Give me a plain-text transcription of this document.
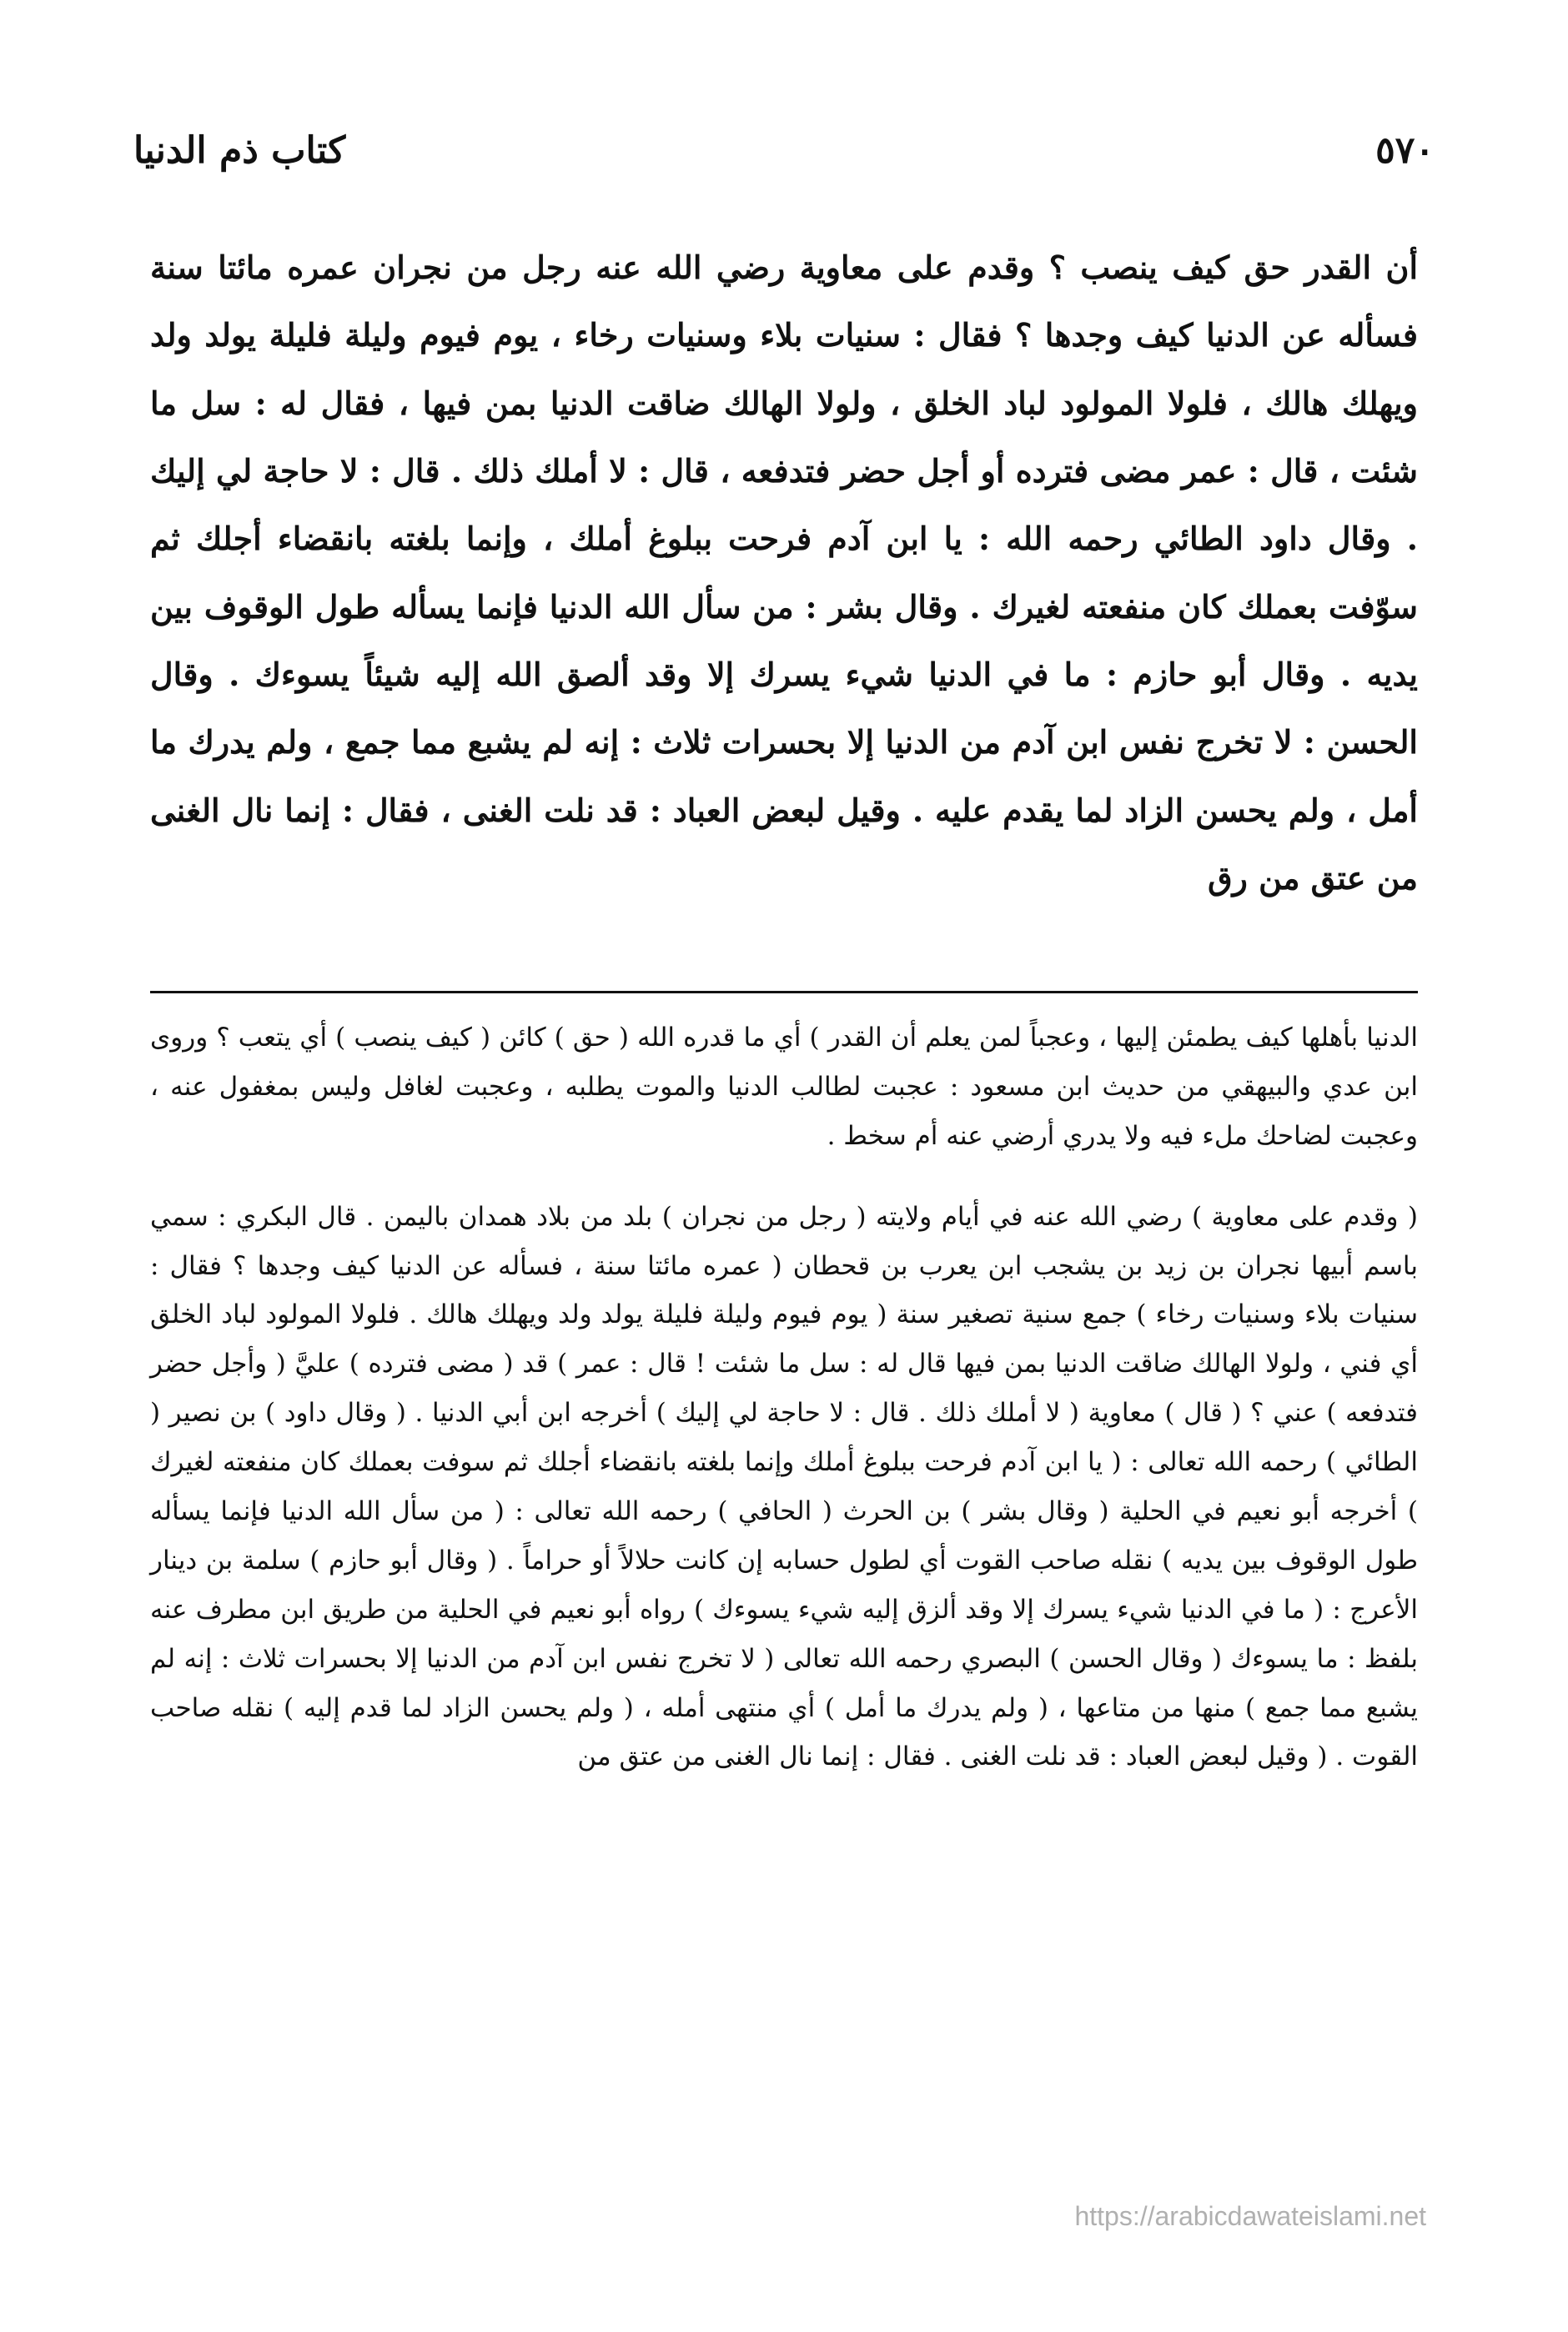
٥٧٠
كتاب ذم الدنيا

أن القدر حق كيف ينصب ؟ وقدم على معاوية رضي الله عنه رجل من نجران عمره مائتا سنة فسأله عن الدنيا كيف وجدها ؟ فقال : سنيات بلاء وسنيات رخاء ، يوم فيوم وليلة فليلة يولد ولد ويهلك هالك ، فلولا المولود لباد الخلق ، ولولا الهالك ضاقت الدنيا بمن فيها ، فقال له : سل ما شئت ، قال : عمر مضى فترده أو أجل حضر فتدفعه ، قال : لا أملك ذلك . قال : لا حاجة لي إليك . وقال داود الطائي رحمه الله : يا ابن آدم فرحت ببلوغ أملك ، وإنما بلغته بانقضاء أجلك ثم سوّفت بعملك كان منفعته لغيرك . وقال بشر : من سأل الله الدنيا فإنما يسأله طول الوقوف بين يديه . وقال أبو حازم : ما في الدنيا شيء يسرك إلا وقد ألصق الله إليه شيئاً يسوءك . وقال الحسن : لا تخرج نفس ابن آدم من الدنيا إلا بحسرات ثلاث : إنه لم يشبع مما جمع ، ولم يدرك ما أمل ، ولم يحسن الزاد لما يقدم عليه . وقيل لبعض العباد : قد نلت الغنى ، فقال : إنما نال الغنى من عتق من رق

الدنيا بأهلها كيف يطمئن إليها ، وعجباً لمن يعلم أن القدر ) أي ما قدره الله ( حق ) كائن ( كيف ينصب ) أي يتعب ؟ وروى ابن عدي والبيهقي من حديث ابن مسعود : عجبت لطالب الدنيا والموت يطلبه ، وعجبت لغافل وليس بمغفول عنه ، وعجبت لضاحك ملء فيه ولا يدري أرضي عنه أم سخط .

( وقدم على معاوية ) رضي الله عنه في أيام ولايته ( رجل من نجران ) بلد من بلاد همدان باليمن . قال البكري : سمي باسم أبيها نجران بن زيد بن يشجب ابن يعرب بن قحطان ( عمره مائتا سنة ، فسأله عن الدنيا كيف وجدها ؟ فقال : سنيات بلاء وسنيات رخاء ) جمع سنية تصغير سنة ( يوم فيوم وليلة فليلة يولد ولد ويهلك هالك . فلولا المولود لباد الخلق أي فني ، ولولا الهالك ضاقت الدنيا بمن فيها قال له : سل ما شئت ! قال : عمر ) قد ( مضى فترده ) عليَّ ( وأجل حضر فتدفعه ) عني ؟ ( قال ) معاوية ( لا أملك ذلك . قال : لا حاجة لي إليك ) أخرجه ابن أبي الدنيا . ( وقال داود ) بن نصير ( الطائي ) رحمه الله تعالى : ( يا ابن آدم فرحت ببلوغ أملك وإنما بلغته بانقضاء أجلك ثم سوفت بعملك كان منفعته لغيرك ) أخرجه أبو نعيم في الحلية ( وقال بشر ) بن الحرث ( الحافي ) رحمه الله تعالى : ( من سأل الله الدنيا فإنما يسأله طول الوقوف بين يديه ) نقله صاحب القوت أي لطول حسابه إن كانت حلالاً أو حراماً . ( وقال أبو حازم ) سلمة بن دينار الأعرج : ( ما في الدنيا شيء يسرك إلا وقد ألزق إليه شيء يسوءك ) رواه أبو نعيم في الحلية من طريق ابن مطرف عنه بلفظ : ما يسوءك ( وقال الحسن ) البصري رحمه الله تعالى ( لا تخرج نفس ابن آدم من الدنيا إلا بحسرات ثلاث : إنه لم يشبع مما جمع ) منها من متاعها ، ( ولم يدرك ما أمل ) أي منتهى أمله ، ( ولم يحسن الزاد لما قدم إليه ) نقله صاحب القوت . ( وقيل لبعض العباد : قد نلت الغنى . فقال : إنما نال الغنى من عتق من

https://arabicdawateislami.net
